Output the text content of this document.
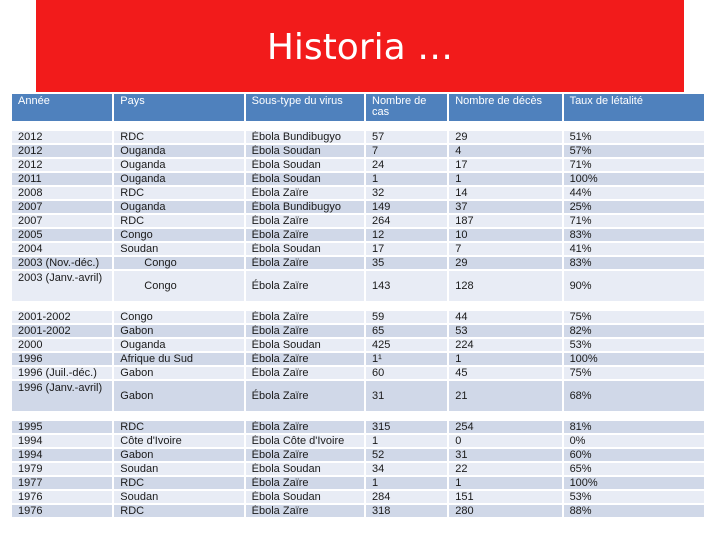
Historia …
Année	Pays	Sous-type du virus	Nombre de cas	Nombre de décès	Taux de létalité

2012	RDC	Ébola Bundibugyo	57	29	51%
2012	Ouganda	Ébola Soudan	7	4	57%
2012	Ouganda	Ébola Soudan	24	17	71%
2011	Ouganda	Ébola Soudan	1	1	100%
2008	RDC	Ébola Zaïre	32	14	44%
2007	Ouganda	Ébola Bundibugyo	149	37	25%
2007	RDC	Ébola Zaïre	264	187	71%
2005	Congo	Ébola Zaïre	12	10	83%
2004	Soudan	Ébola Soudan	17	7	41%
2003 (Nov.-déc.)	Congo	Ébola Zaïre	35	29	83%
2003 (Janv.-avril)	Congo	Ébola Zaïre	143	128	90%

2001-2002	Congo	Ébola Zaïre	59	44	75%
2001-2002	Gabon	Ébola Zaïre	65	53	82%
2000	Ouganda	Ébola Soudan	425	224	53%
1996	Afrique du Sud	Ébola Zaïre	1¹	1	100%
1996 (Juil.-déc.)	Gabon	Ébola Zaïre	60	45	75%
1996 (Janv.-avril)	Gabon	Ébola Zaïre	31	21	68%

1995	RDC	Ébola Zaïre	315	254	81%
1994	Côte d'Ivoire	Ébola Côte d'Ivoire	1	0	0%
1994	Gabon	Ébola Zaïre	52	31	60%
1979	Soudan	Ébola Soudan	34	22	65%
1977	RDC	Ébola Zaïre	1	1	100%
1976	Soudan	Ébola Soudan	284	151	53%
1976	RDC	Ébola Zaïre	318	280	88%
